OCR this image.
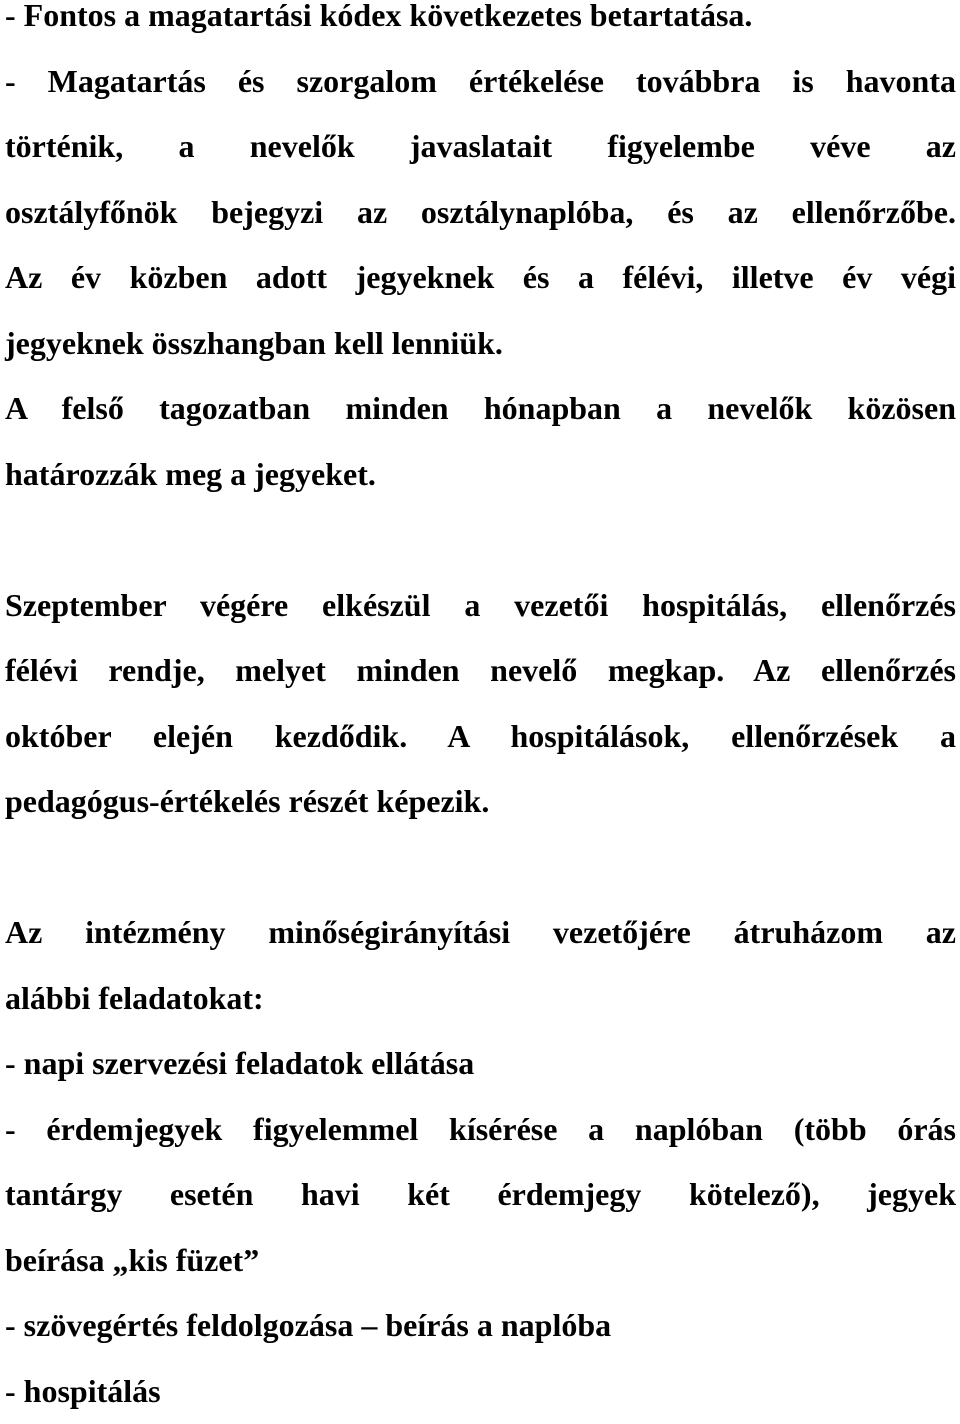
- Fontos a magatartási kódex következetes betartatása.
- Magatartás és szorgalom értékelése továbbra is havonta
történik, a nevelők javaslatait figyelembe véve az
osztályfőnök bejegyzi az osztálynaplóba, és az ellenőrzőbe.
Az év közben adott jegyeknek és a félévi, illetve év végi
jegyeknek összhangban kell lenniük.
A felső tagozatban minden hónapban a nevelők közösen
határozzák meg a jegyeket.
Szeptember végére elkészül a vezetői hospitálás, ellenőrzés
félévi rendje, melyet minden nevelő megkap. Az ellenőrzés
október elején kezdődik. A hospitálások, ellenőrzések a
pedagógus-értékelés részét képezik.
Az intézmény minőségirányítási vezetőjére átruházom az
alábbi feladatokat:
- napi szervezési feladatok ellátása
- érdemjegyek figyelemmel kísérése a naplóban (több órás
tantárgy esetén havi két érdemjegy kötelező), jegyek
beírása „kis füzet”
- szövegértés feldolgozása – beírás a naplóba
- hospitálás
